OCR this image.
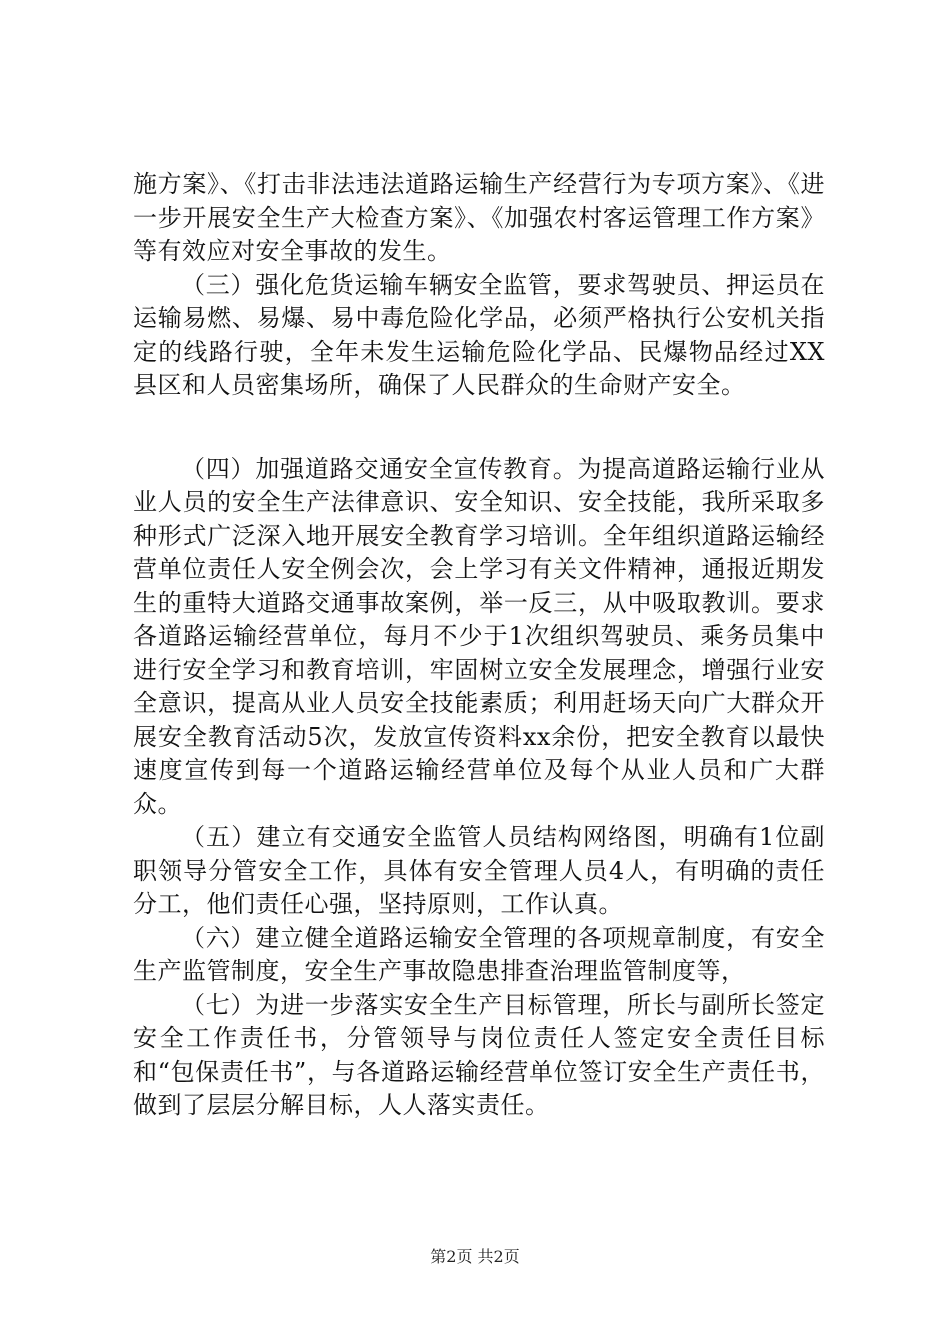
施方案》、《打击非法违法道路运输生产经营行为专项方案》、《进一步开展安全生产大检查方案》、《加强农村客运管理工作方案》等有效应对安全事故的发生。

（三）强化危货运输车辆安全监管，要求驾驶员、押运员在运输易燃、易爆、易中毒危险化学品，必须严格执行公安机关指定的线路行驶，全年未发生运输危险化学品、民爆物品经过XX县区和人员密集场所，确保了人民群众的生命财产安全。

（四）加强道路交通安全宣传教育。为提高道路运输行业从业人员的安全生产法律意识、安全知识、安全技能，我所采取多种形式广泛深入地开展安全教育学习培训。全年组织道路运输经营单位责任人安全例会次，会上学习有关文件精神，通报近期发生的重特大道路交通事故案例，举一反三，从中吸取教训。要求各道路运输经营单位，每月不少于1次组织驾驶员、乘务员集中进行安全学习和教育培训，牢固树立安全发展理念，增强行业安全意识，提高从业人员安全技能素质；利用赶场天向广大群众开展安全教育活动5次，发放宣传资料xx余份，把安全教育以最快速度宣传到每一个道路运输经营单位及每个从业人员和广大群众。

（五）建立有交通安全监管人员结构网络图，明确有1位副职领导分管安全工作，具体有安全管理人员4人，有明确的责任分工，他们责任心强，坚持原则，工作认真。

（六）建立健全道路运输安全管理的各项规章制度，有安全生产监管制度，安全生产事故隐患排查治理监管制度等，

（七）为进一步落实安全生产目标管理，所长与副所长签定安全工作责任书，分管领导与岗位责任人签定安全责任目标和“包保责任书”，与各道路运输经营单位签订安全生产责任书，做到了层层分解目标，人人落实责任。

第2页 共2页
